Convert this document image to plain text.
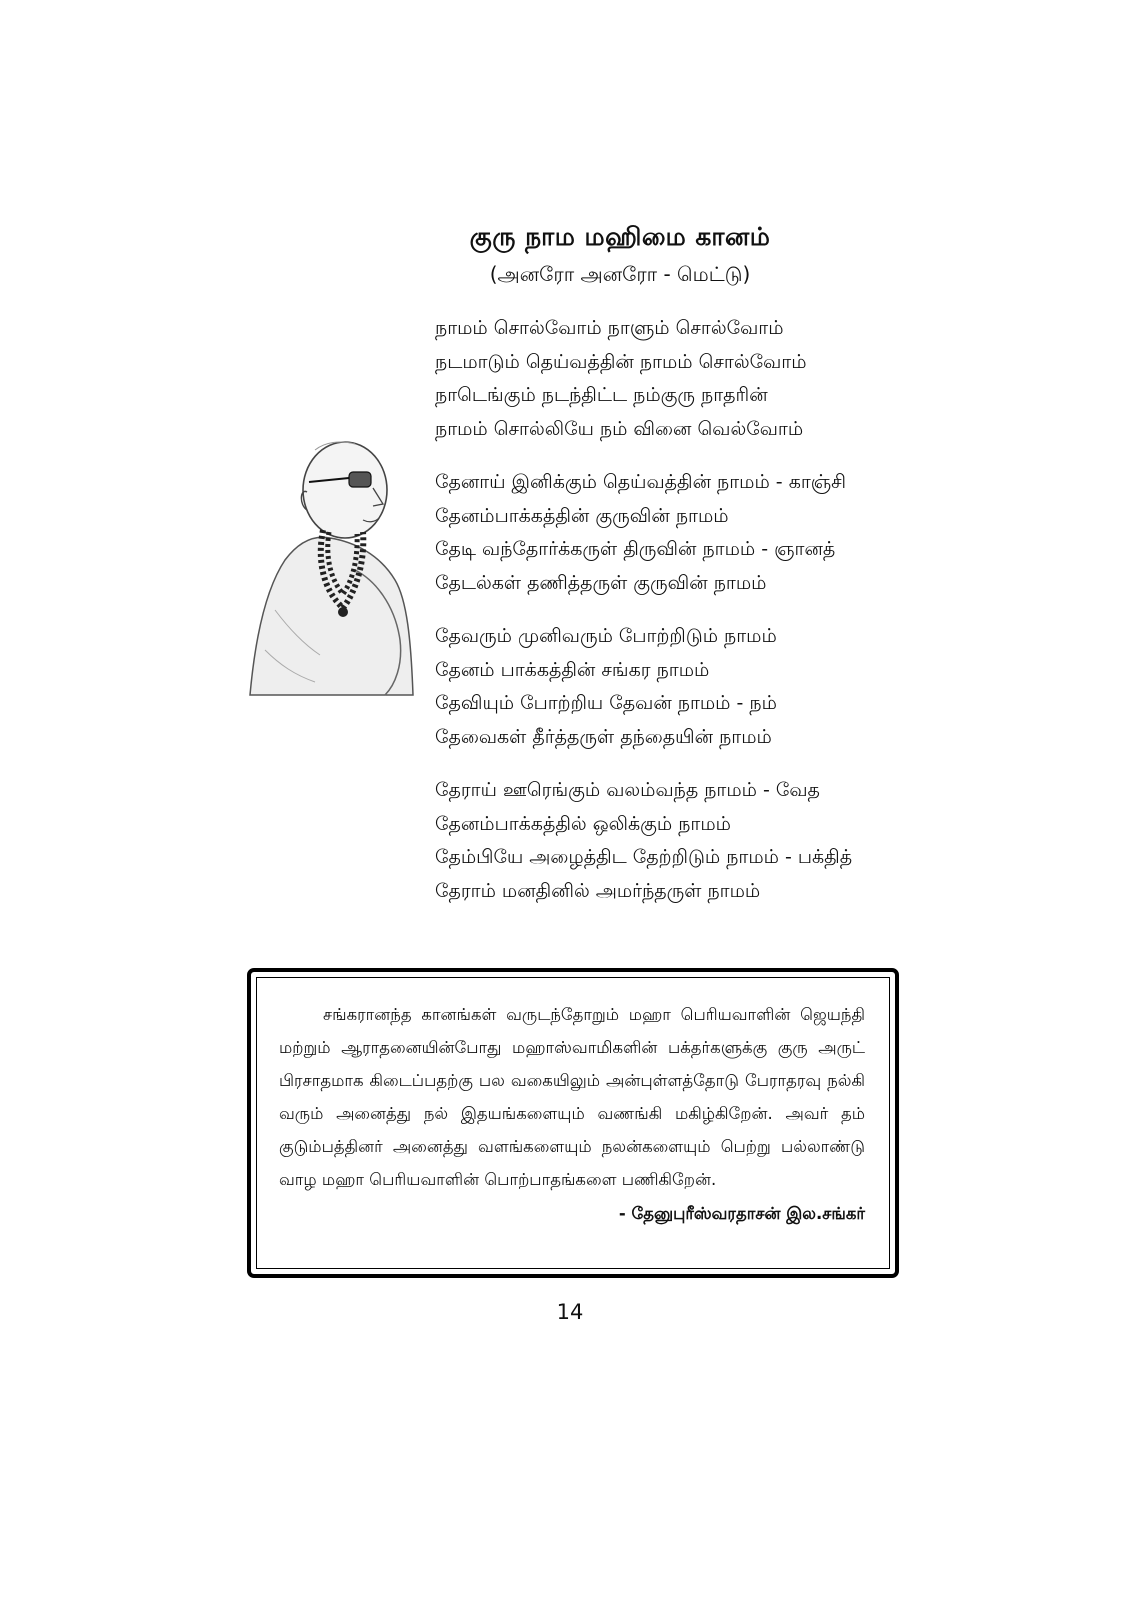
குரு நாம மஹிமை கானம்
(அனரோ அனரோ - மெட்டு)
நாமம் சொல்வோம் நாளும் சொல்வோம்
நடமாடும் தெய்வத்தின் நாமம் சொல்வோம்
நாடெங்கும் நடந்திட்ட நம்குரு நாதரின்
நாமம் சொல்லியே நம் வினை வெல்வோம்
தேனாய் இனிக்கும் தெய்வத்தின் நாமம் - காஞ்சி
தேனம்பாக்கத்தின் குருவின் நாமம்
தேடி வந்தோர்க்கருள் திருவின் நாமம் - ஞானத்
தேடல்கள் தணித்தருள் குருவின் நாமம்
தேவரும் முனிவரும் போற்றிடும் நாமம்
தேனம் பாக்கத்தின் சங்கர நாமம்
தேவியும் போற்றிய தேவன் நாமம் - நம்
தேவைகள் தீர்த்தருள் தந்தையின் நாமம்
தேராய் ஊரெங்கும் வலம்வந்த நாமம் - வேத
தேனம்பாக்கத்தில் ஒலிக்கும் நாமம்
தேம்பியே அழைத்திட தேற்றிடும் நாமம் - பக்தித்
தேராம் மனதினில் அமர்ந்தருள் நாமம்

சங்கரானந்த கானங்கள் வருடந்தோறும் மஹா பெரியவாளின் ஜெயந்தி மற்றும் ஆராதனையின்போது மஹாஸ்வாமிகளின் பக்தர்களுக்கு குரு அருட் பிரசாதமாக கிடைப்பதற்கு பல வகையிலும் அன்புள்ளத்தோடு பேராதரவு நல்கி வரும் அனைத்து நல் இதயங்களையும் வணங்கி மகிழ்கிறேன். அவர் தம் குடும்பத்தினர் அனைத்து வளங்களையும் நலன்களையும் பெற்று பல்லாண்டு வாழ மஹா பெரியவாளின் பொற்பாதங்களை பணிகிறேன்.

- தேனுபுரீஸ்வரதாசன் இல.சங்கர்
14
